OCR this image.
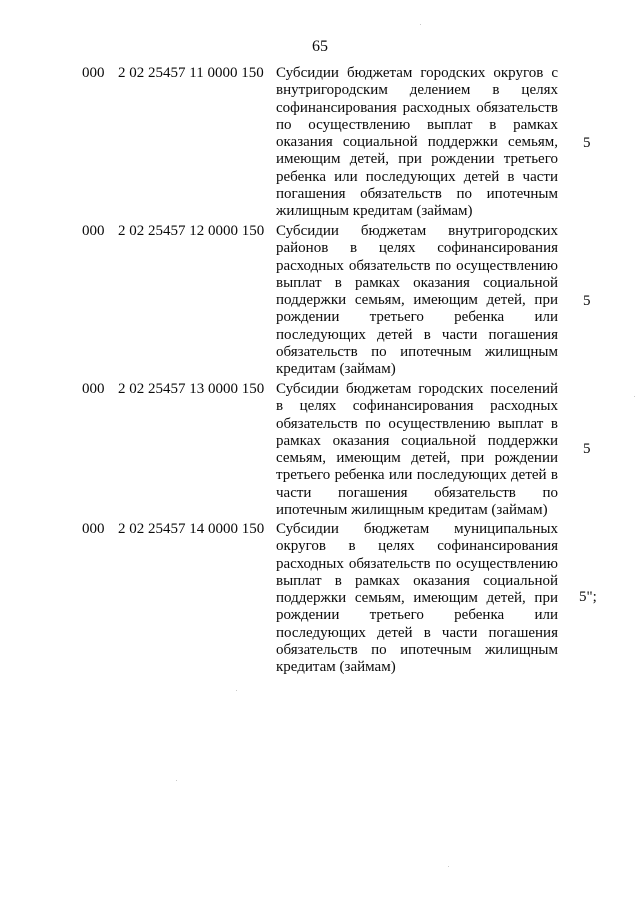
65
000 2 02 25457 11 0000 150 Субсидии бюджетам городских округов с внутригородским делением в целях софинансирования расходных обязательств по осуществлению выплат в рамках оказания социальной поддержки семьям, имеющим детей, при рождении третьего ребенка или последующих детей в части погашения обязательств по ипотечным жилищным кредитам (займам)
5
000 2 02 25457 12 0000 150 Субсидии бюджетам внутригородских районов в целях софинансирования расходных обязательств по осуществлению выплат в рамках оказания социальной поддержки семьям, имеющим детей, при рождении третьего ребенка или последующих детей в части погашения обязательств по ипотечным жилищным кредитам (займам)
5
000 2 02 25457 13 0000 150 Субсидии бюджетам городских поселений в целях софинансирования расходных обязательств по осуществлению выплат в рамках оказания социальной поддержки семьям, имеющим детей, при рождении третьего ребенка или последующих детей в части погашения обязательств по ипотечным жилищным кредитам (займам)
5
000 2 02 25457 14 0000 150 Субсидии бюджетам муниципальных округов в целях софинансирования расходных обязательств по осуществлению выплат в рамках оказания социальной поддержки семьям, имеющим детей, при рождении третьего ребенка или последующих детей в части погашения обязательств по ипотечным жилищным кредитам (займам)
5";
